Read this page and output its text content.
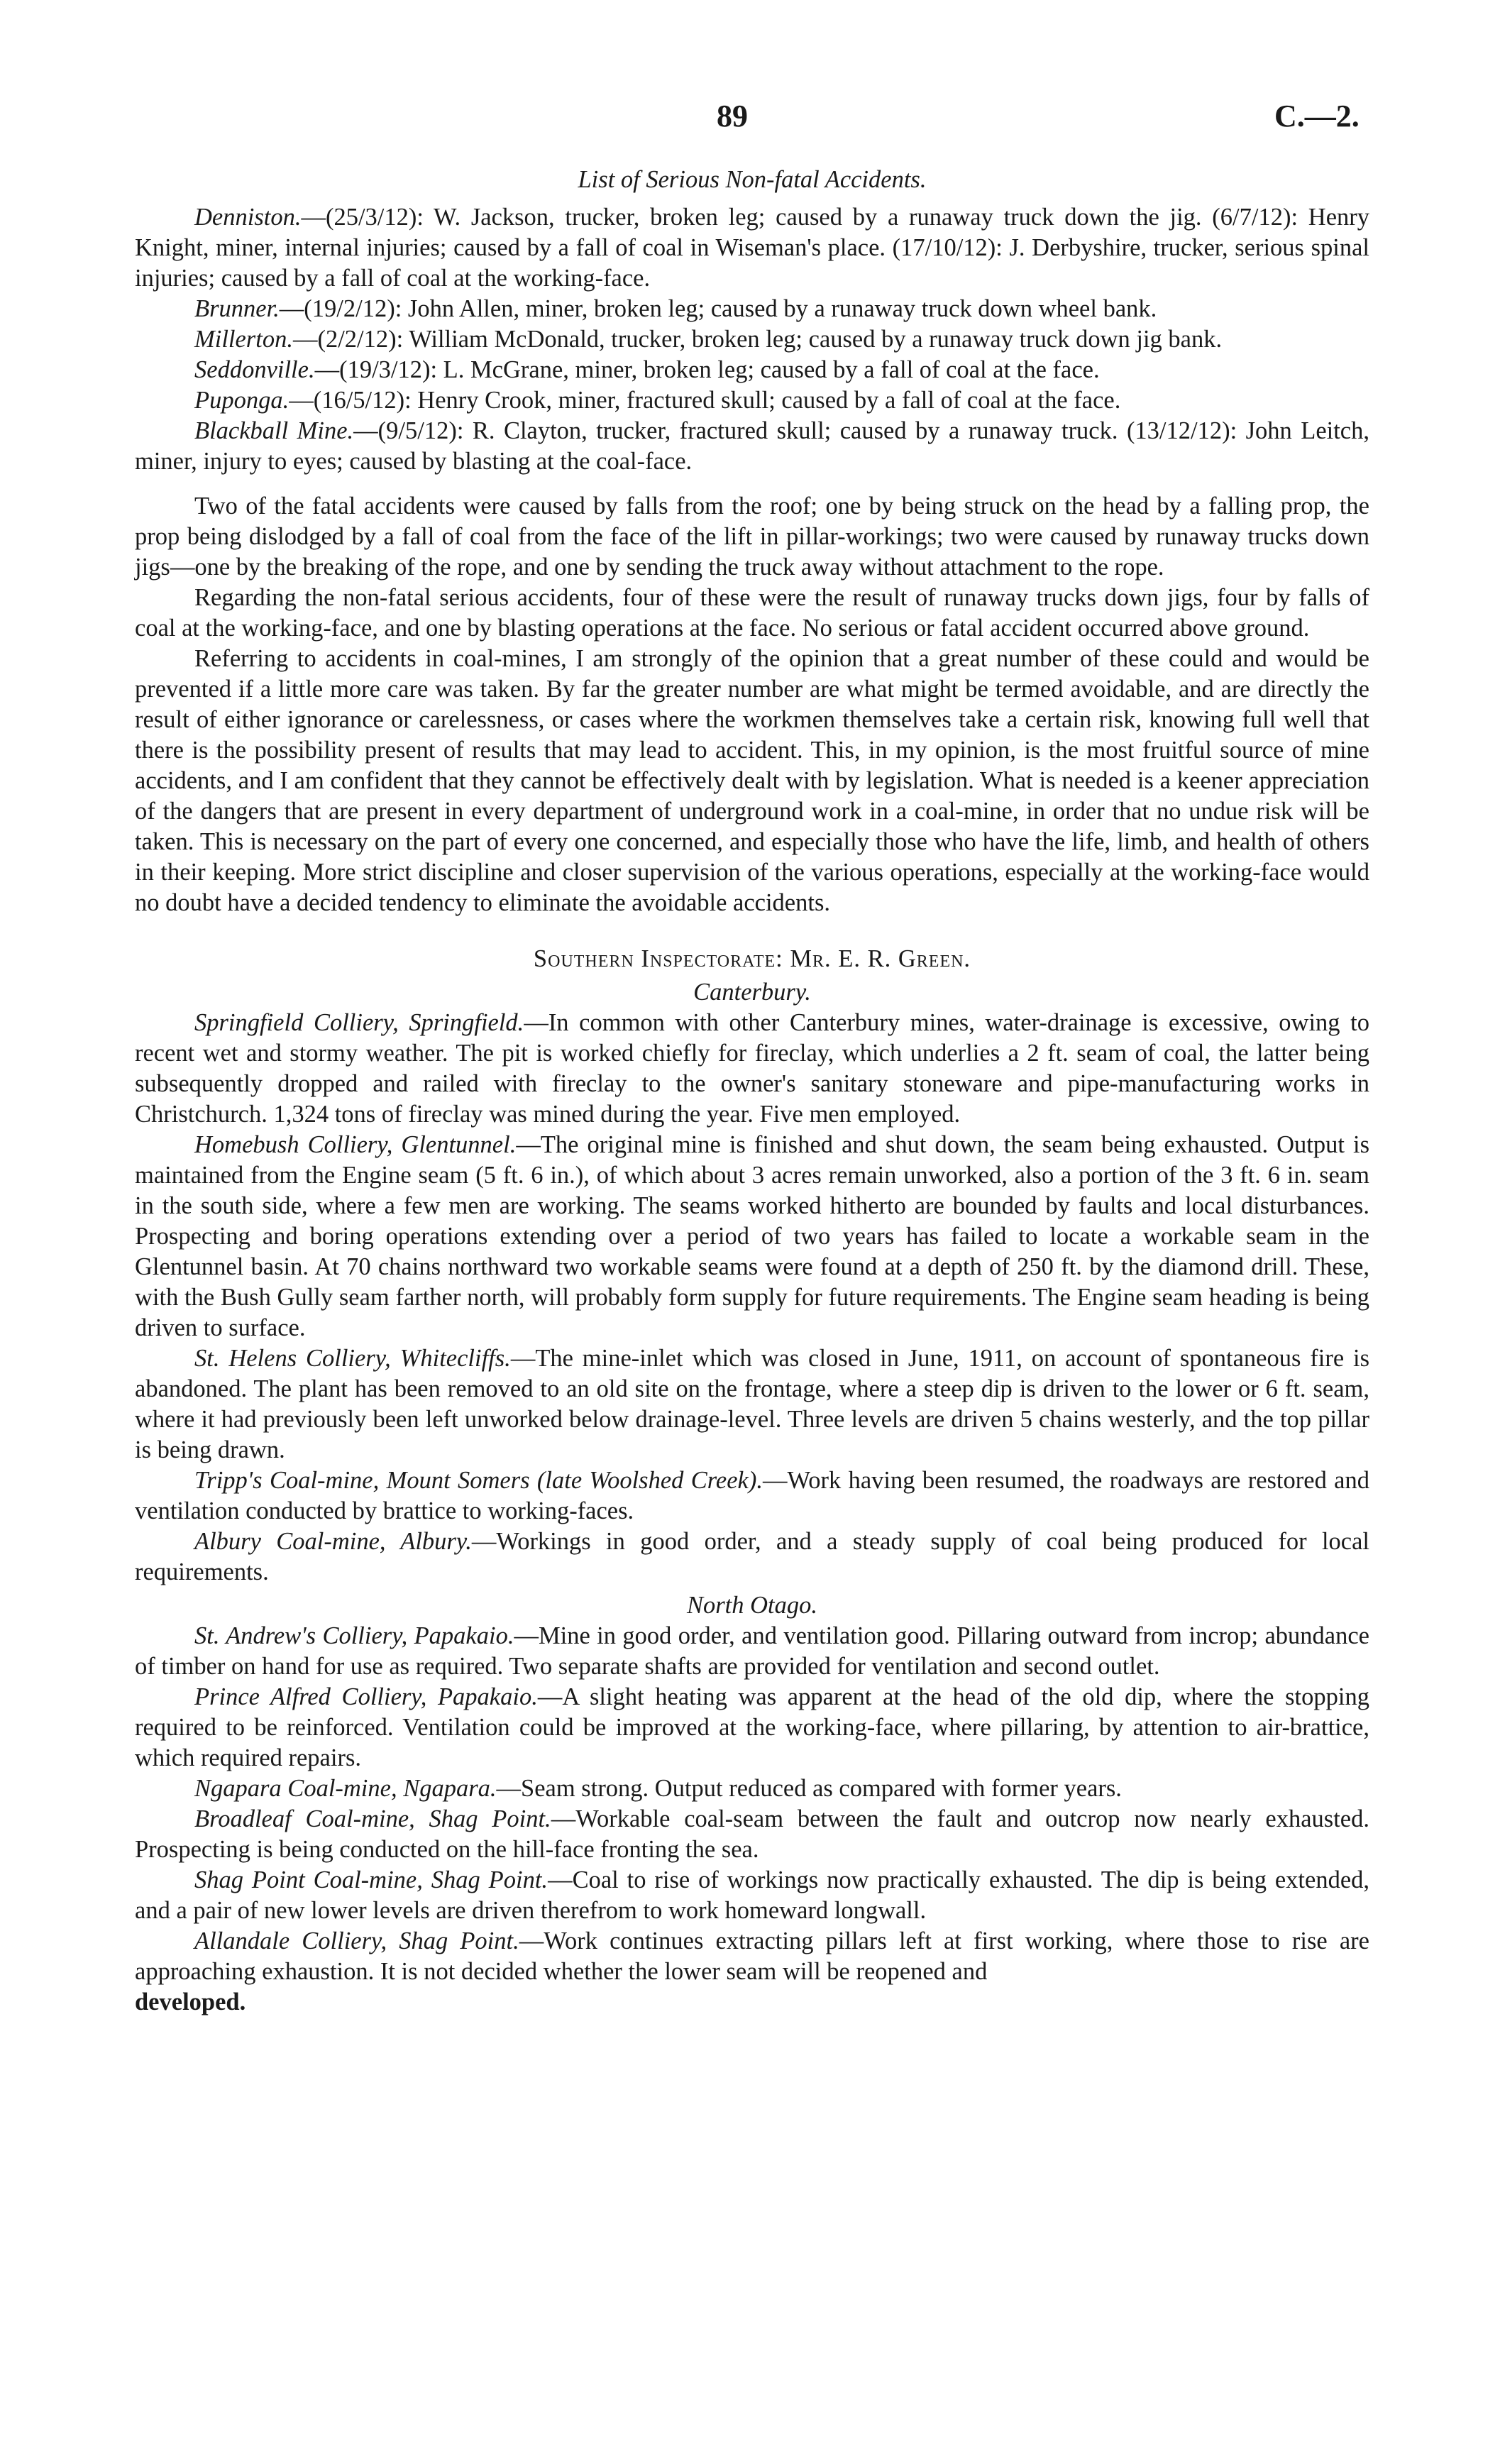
89	C.—2.

List of Serious Non-fatal Accidents.

Denniston.—(25/3/12): W. Jackson, trucker, broken leg; caused by a runaway truck down the jig. (6/7/12): Henry Knight, miner, internal injuries; caused by a fall of coal in Wiseman's place. (17/10/12): J. Derbyshire, trucker, serious spinal injuries; caused by a fall of coal at the working-face.

Brunner.—(19/2/12): John Allen, miner, broken leg; caused by a runaway truck down wheel bank.

Millerton.—(2/2/12): William McDonald, trucker, broken leg; caused by a runaway truck down jig bank.

Seddonville.—(19/3/12): L. McGrane, miner, broken leg; caused by a fall of coal at the face.

Puponga.—(16/5/12): Henry Crook, miner, fractured skull; caused by a fall of coal at the face.

Blackball Mine.—(9/5/12): R. Clayton, trucker, fractured skull; caused by a runaway truck. (13/12/12): John Leitch, miner, injury to eyes; caused by blasting at the coal-face.

Two of the fatal accidents were caused by falls from the roof; one by being struck on the head by a falling prop, the prop being dislodged by a fall of coal from the face of the lift in pillar-workings; two were caused by runaway trucks down jigs—one by the breaking of the rope, and one by sending the truck away without attachment to the rope.

Regarding the non-fatal serious accidents, four of these were the result of runaway trucks down jigs, four by falls of coal at the working-face, and one by blasting operations at the face. No serious or fatal accident occurred above ground.

Referring to accidents in coal-mines, I am strongly of the opinion that a great number of these could and would be prevented if a little more care was taken. By far the greater number are what might be termed avoidable, and are directly the result of either ignorance or carelessness, or cases where the workmen themselves take a certain risk, knowing full well that there is the possibility present of results that may lead to accident. This, in my opinion, is the most fruitful source of mine accidents, and I am confident that they cannot be effectively dealt with by legislation. What is needed is a keener appreciation of the dangers that are present in every department of underground work in a coal-mine, in order that no undue risk will be taken. This is necessary on the part of every one concerned, and especially those who have the life, limb, and health of others in their keeping. More strict discipline and closer supervision of the various operations, especially at the working-face would no doubt have a decided tendency to eliminate the avoidable accidents.

Southern Inspectorate: Mr. E. R. Green.

Canterbury.

Springfield Colliery, Springfield.—In common with other Canterbury mines, water-drainage is excessive, owing to recent wet and stormy weather. The pit is worked chiefly for fireclay, which underlies a 2 ft. seam of coal, the latter being subsequently dropped and railed with fireclay to the owner's sanitary stoneware and pipe-manufacturing works in Christchurch. 1,324 tons of fireclay was mined during the year. Five men employed.

Homebush Colliery, Glentunnel.—The original mine is finished and shut down, the seam being exhausted. Output is maintained from the Engine seam (5 ft. 6 in.), of which about 3 acres remain unworked, also a portion of the 3 ft. 6 in. seam in the south side, where a few men are working. The seams worked hitherto are bounded by faults and local disturbances. Prospecting and boring operations extending over a period of two years has failed to locate a workable seam in the Glentunnel basin. At 70 chains northward two workable seams were found at a depth of 250 ft. by the diamond drill. These, with the Bush Gully seam farther north, will probably form supply for future requirements. The Engine seam heading is being driven to surface.

St. Helens Colliery, Whitecliffs.—The mine-inlet which was closed in June, 1911, on account of spontaneous fire is abandoned. The plant has been removed to an old site on the frontage, where a steep dip is driven to the lower or 6 ft. seam, where it had previously been left unworked below drainage-level. Three levels are driven 5 chains westerly, and the top pillar is being drawn.

Tripp's Coal-mine, Mount Somers (late Woolshed Creek).—Work having been resumed, the roadways are restored and ventilation conducted by brattice to working-faces.

Albury Coal-mine, Albury.—Workings in good order, and a steady supply of coal being produced for local requirements.

North Otago.

St. Andrew's Colliery, Papakaio.—Mine in good order, and ventilation good. Pillaring outward from incrop; abundance of timber on hand for use as required. Two separate shafts are provided for ventilation and second outlet.

Prince Alfred Colliery, Papakaio.—A slight heating was apparent at the head of the old dip, where the stopping required to be reinforced. Ventilation could be improved at the working-face, where pillaring, by attention to air-brattice, which required repairs.

Ngapara Coal-mine, Ngapara.—Seam strong. Output reduced as compared with former years.

Broadleaf Coal-mine, Shag Point.—Workable coal-seam between the fault and outcrop now nearly exhausted. Prospecting is being conducted on the hill-face fronting the sea.

Shag Point Coal-mine, Shag Point.—Coal to rise of workings now practically exhausted. The dip is being extended, and a pair of new lower levels are driven therefrom to work homeward longwall.

Allandale Colliery, Shag Point.—Work continues extracting pillars left at first working, where those to rise are approaching exhaustion. It is not decided whether the lower seam will be reopened and

developed.
